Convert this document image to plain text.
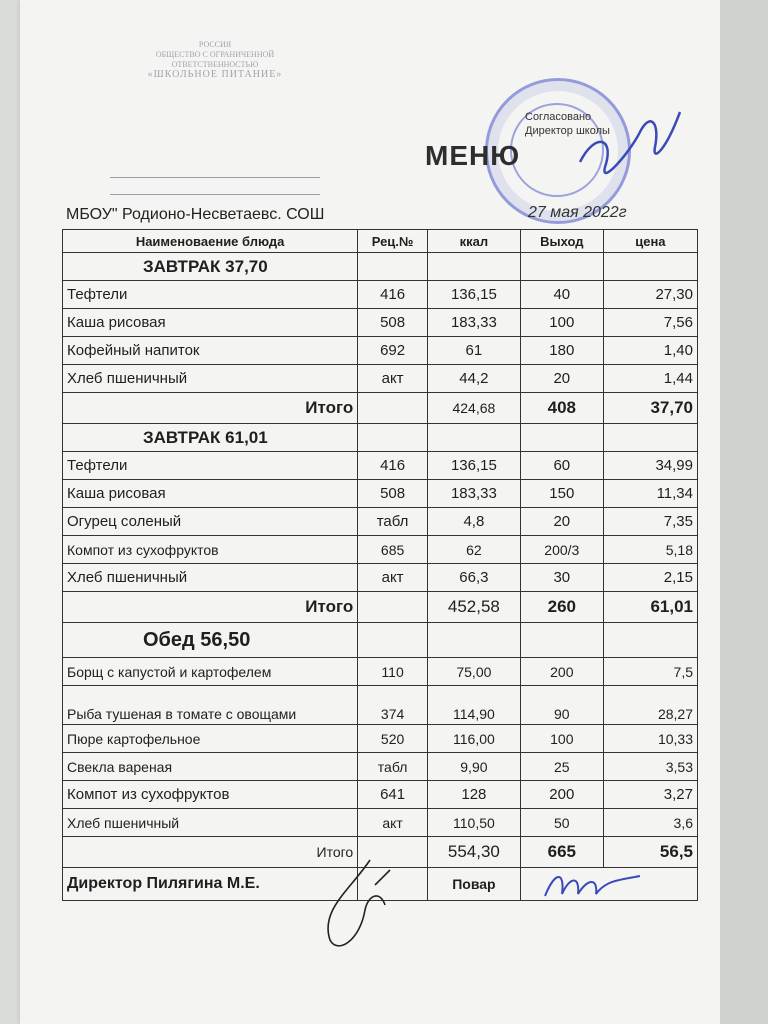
РОССИЯ
ОБЩЕСТВО С ОГРАНИЧЕННОЙ
ОТВЕТСТВЕННОСТЬЮ
«ШКОЛЬНОЕ ПИТАНИЕ»
МЕНЮ
Согласовано
Директор школы
МБОУ" Родионо-Несветаевс. СОШ	27 мая 2022г
Наименоваение блюда	Рец.№	ккал	Выход	цена
ЗАВТРАК 37,70				
Тефтели	416	136,15	40	27,30
Каша рисовая	508	183,33	100	7,56
Кофейный напиток	692	61	180	1,40
Хлеб пшеничный	акт	44,2	20	1,44
Итого		424,68	408	37,70
ЗАВТРАК 61,01				
Тефтели	416	136,15	60	34,99
Каша рисовая	508	183,33	150	11,34
Огурец соленый	табл	4,8	20	7,35
Компот из сухофруктов	685	62	200/3	5,18
Хлеб пшеничный	акт	66,3	30	2,15
Итого		452,58	260	61,01
Обед 56,50				
Борщ с капустой и картофелем	110	75,00	200	7,5
Рыба тушеная в томате с овощами	374	114,90	90	28,27
Пюре картофельное	520	116,00	100	10,33
Свекла вареная	табл	9,90	25	3,53
Компот из сухофруктов	641	128	200	3,27
Хлеб пшеничный	акт	110,50	50	3,6
Итого		554,30	665	56,5
Директор Пилягина М.Е.		Повар		
